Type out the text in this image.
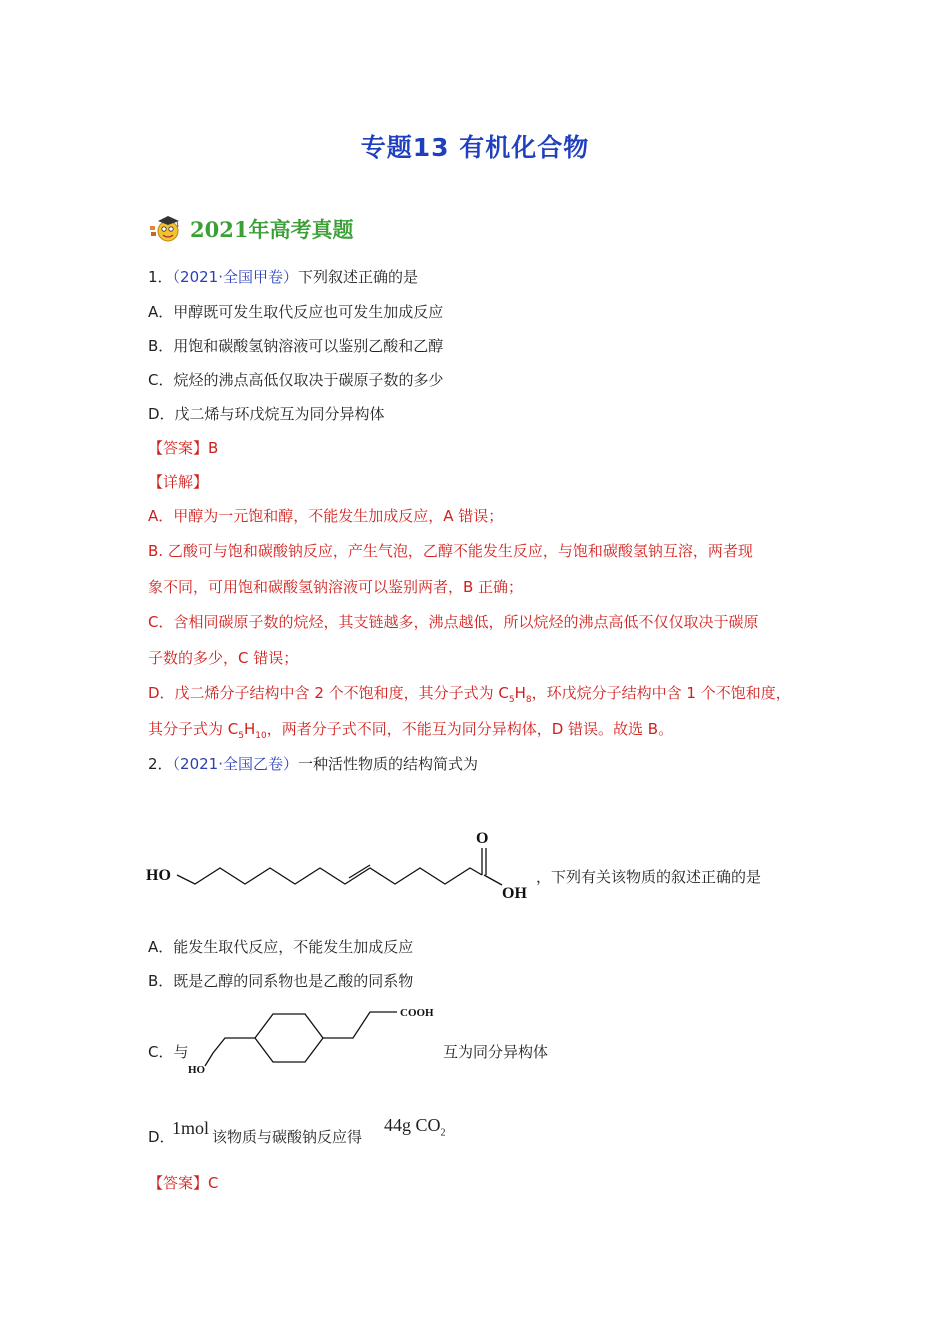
专题13 有机化合物
2021年高考真题
1．（2021·全国甲卷）下列叙述正确的是
A．甲醇既可发生取代反应也可发生加成反应
B．用饱和碳酸氢钠溶液可以鉴别乙酸和乙醇
C．烷烃的沸点高低仅取决于碳原子数的多少
D．戊二烯与环戊烷互为同分异构体
【答案】B
【详解】
A．甲醇为一元饱和醇，不能发生加成反应，A 错误；
B. 乙酸可与饱和碳酸钠反应，产生气泡，乙醇不能发生反应，与饱和碳酸氢钠互溶，两者现
象不同，可用饱和碳酸氢钠溶液可以鉴别两者，B 正确；
C．含相同碳原子数的烷烃，其支链越多，沸点越低，所以烷烃的沸点高低不仅仅取决于碳原
子数的多少，C 错误；
D．戊二烯分子结构中含 2 个不饱和度，其分子式为 $C_5H_8$，环戊烷分子结构中含 1 个不饱和度，
其分子式为 $C_5H_{10}$，两者分子式不同，不能互为同分异构体，D 错误。故选 B。
2．（2021·全国乙卷）一种活性物质的结构简式为
HO
O
OH
，下列有关该物质的叙述正确的是
A．能发生取代反应，不能发生加成反应
B．既是乙醇的同系物也是乙酸的同系物
C．与
COOH
HO
互为同分异构体
D．
1mol 该物质与碳酸钠反应得
44g $CO_2$
【答案】C
